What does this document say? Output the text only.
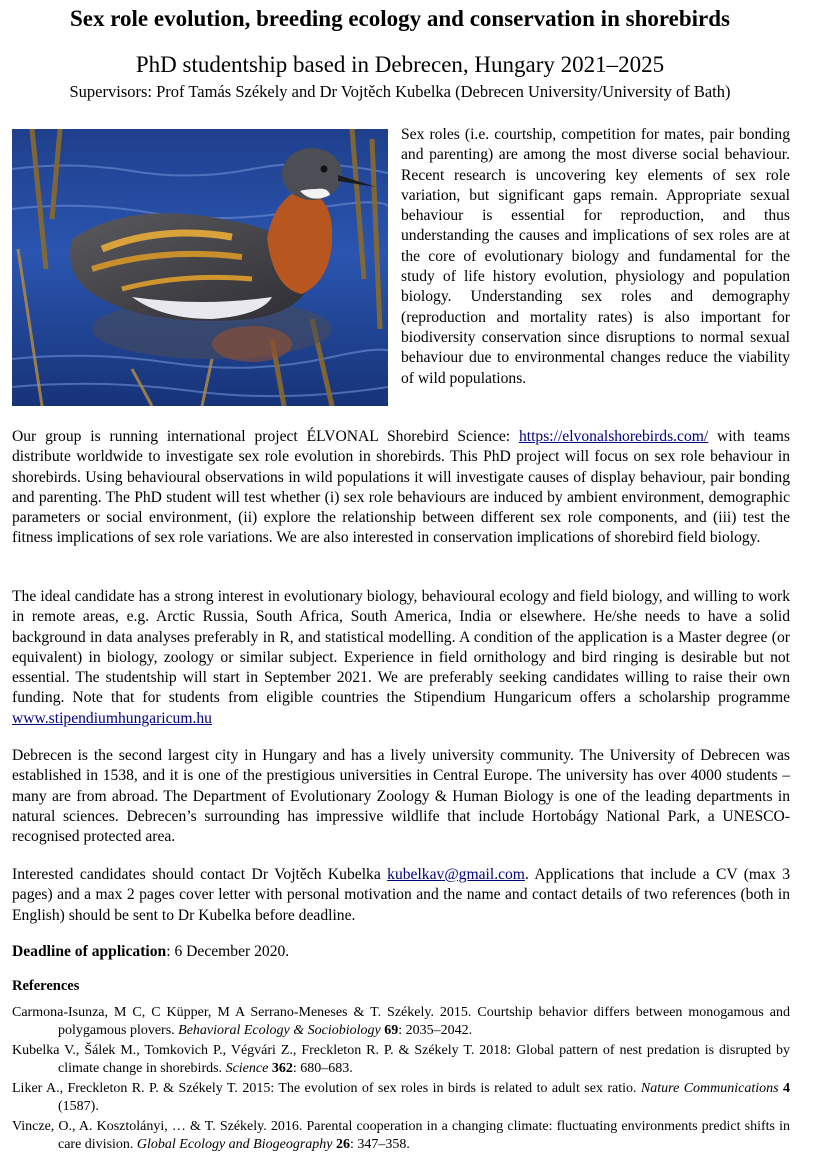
Sex role evolution, breeding ecology and conservation in shorebirds
PhD studentship based in Debrecen, Hungary 2021–2025
Supervisors: Prof Tamás Székely and Dr Vojtěch Kubelka (Debrecen University/University of Bath)

Sex roles (i.e. courtship, competition for mates, pair bonding and parenting) are among the most diverse social behaviour. Recent research is uncovering key elements of sex role variation, but significant gaps remain. Appropriate sexual behaviour is essential for reproduction, and thus understanding the causes and implications of sex roles are at the core of evolutionary biology and fundamental for the study of life history evolution, physiology and population biology. Understanding sex roles and demography (reproduction and mortality rates) is also important for biodiversity conservation since disruptions to normal sexual behaviour due to environmental changes reduce the viability of wild populations.

Our group is running international project ÉLVONAL Shorebird Science: https://elvonalshorebirds.com/ with teams distribute worldwide to investigate sex role evolution in shorebirds. This PhD project will focus on sex role behaviour in shorebirds. Using behavioural observations in wild populations it will investigate causes of display behaviour, pair bonding and parenting. The PhD student will test whether (i) sex role behaviours are induced by ambient environment, demographic parameters or social environment, (ii) explore the relationship between different sex role components, and (iii) test the fitness implications of sex role variations. We are also interested in conservation implications of shorebird field biology.

The ideal candidate has a strong interest in evolutionary biology, behavioural ecology and field biology, and willing to work in remote areas, e.g. Arctic Russia, South Africa, South America, India or elsewhere. He/she needs to have a solid background in data analyses preferably in R, and statistical modelling. A condition of the application is a Master degree (or equivalent) in biology, zoology or similar subject. Experience in field ornithology and bird ringing is desirable but not essential. The studentship will start in September 2021. We are preferably seeking candidates willing to raise their own funding. Note that for students from eligible countries the Stipendium Hungaricum offers a scholarship programme www.stipendiumhungaricum.hu

Debrecen is the second largest city in Hungary and has a lively university community. The University of Debrecen was established in 1538, and it is one of the prestigious universities in Central Europe. The university has over 4000 students – many are from abroad. The Department of Evolutionary Zoology & Human Biology is one of the leading departments in natural sciences. Debrecen’s surrounding has impressive wildlife that include Hortobágy National Park, a UNESCO-recognised protected area.

Interested candidates should contact Dr Vojtěch Kubelka kubelkav@gmail.com. Applications that include a CV (max 3 pages) and a max 2 pages cover letter with personal motivation and the name and contact details of two references (both in English) should be sent to Dr Kubelka before deadline.

Deadline of application: 6 December 2020.

References

Carmona-Isunza, M C, C Küpper, M A Serrano-Meneses & T. Székely. 2015. Courtship behavior differs between monogamous and polygamous plovers. Behavioral Ecology & Sociobiology 69: 2035–2042.

Kubelka V., Šálek M., Tomkovich P., Végvári Z., Freckleton R. P. & Székely T. 2018: Global pattern of nest predation is disrupted by climate change in shorebirds. Science 362: 680–683.

Liker A., Freckleton R. P. & Székely T. 2015: The evolution of sex roles in birds is related to adult sex ratio. Nature Communications 4 (1587).

Vincze, O., A. Kosztolányi, … & T. Székely. 2016. Parental cooperation in a changing climate: fluctuating environments predict shifts in care division. Global Ecology and Biogeography 26: 347–358.
